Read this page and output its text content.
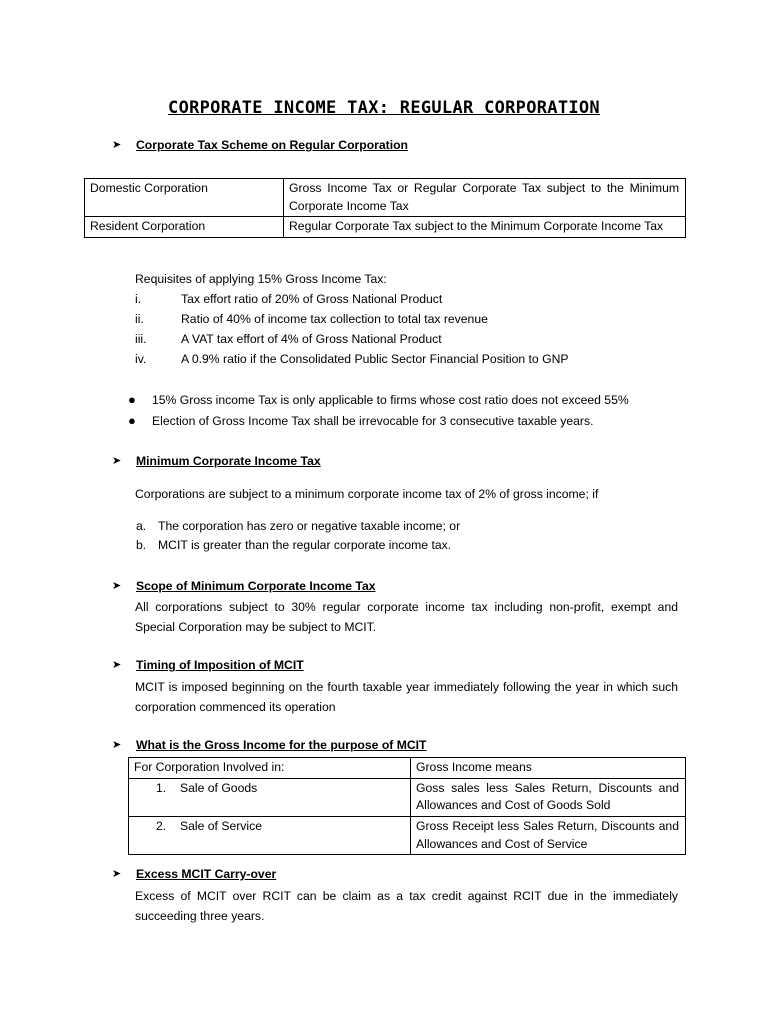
CORPORATE INCOME TAX: REGULAR CORPORATION
➤	Corporate Tax Scheme on Regular Corporation
Domestic Corporation	Gross Income Tax or Regular Corporate Tax subject to the Minimum Corporate Income Tax
Resident Corporation	Regular Corporate Tax subject to the Minimum Corporate Income Tax
Requisites of applying 15% Gross Income Tax:
i.	Tax effort ratio of 20% of Gross National Product
ii.	Ratio of 40% of income tax collection to total tax revenue
iii.	A VAT tax effort of 4% of Gross National Product
iv.	A 0.9% ratio if the Consolidated Public Sector Financial Position to GNP
●	15% Gross income Tax is only applicable to firms whose cost ratio does not exceed 55%
●	Election of Gross Income Tax shall be irrevocable for 3 consecutive taxable years.
➤	Minimum Corporate Income Tax
Corporations are subject to a minimum corporate income tax of 2% of gross income; if
a. The corporation has zero or negative taxable income; or
b. MCIT is greater than the regular corporate income tax.
➤	Scope of Minimum Corporate Income Tax
All corporations subject to 30% regular corporate income tax including non-profit, exempt and Special Corporation may be subject to MCIT.
➤	Timing of Imposition of MCIT
MCIT is imposed beginning on the fourth taxable year immediately following the year in which such corporation commenced its operation
➤	What is the Gross Income for the purpose of MCIT
For Corporation Involved in:	Gross Income means
1. Sale of Goods	Goss sales less Sales Return, Discounts and Allowances and Cost of Goods Sold
2. Sale of Service	Gross Receipt less Sales Return, Discounts and Allowances and Cost of Service
➤	Excess MCIT Carry-over
Excess of MCIT over RCIT can be claim as a tax credit against RCIT due in the immediately succeeding three years.
